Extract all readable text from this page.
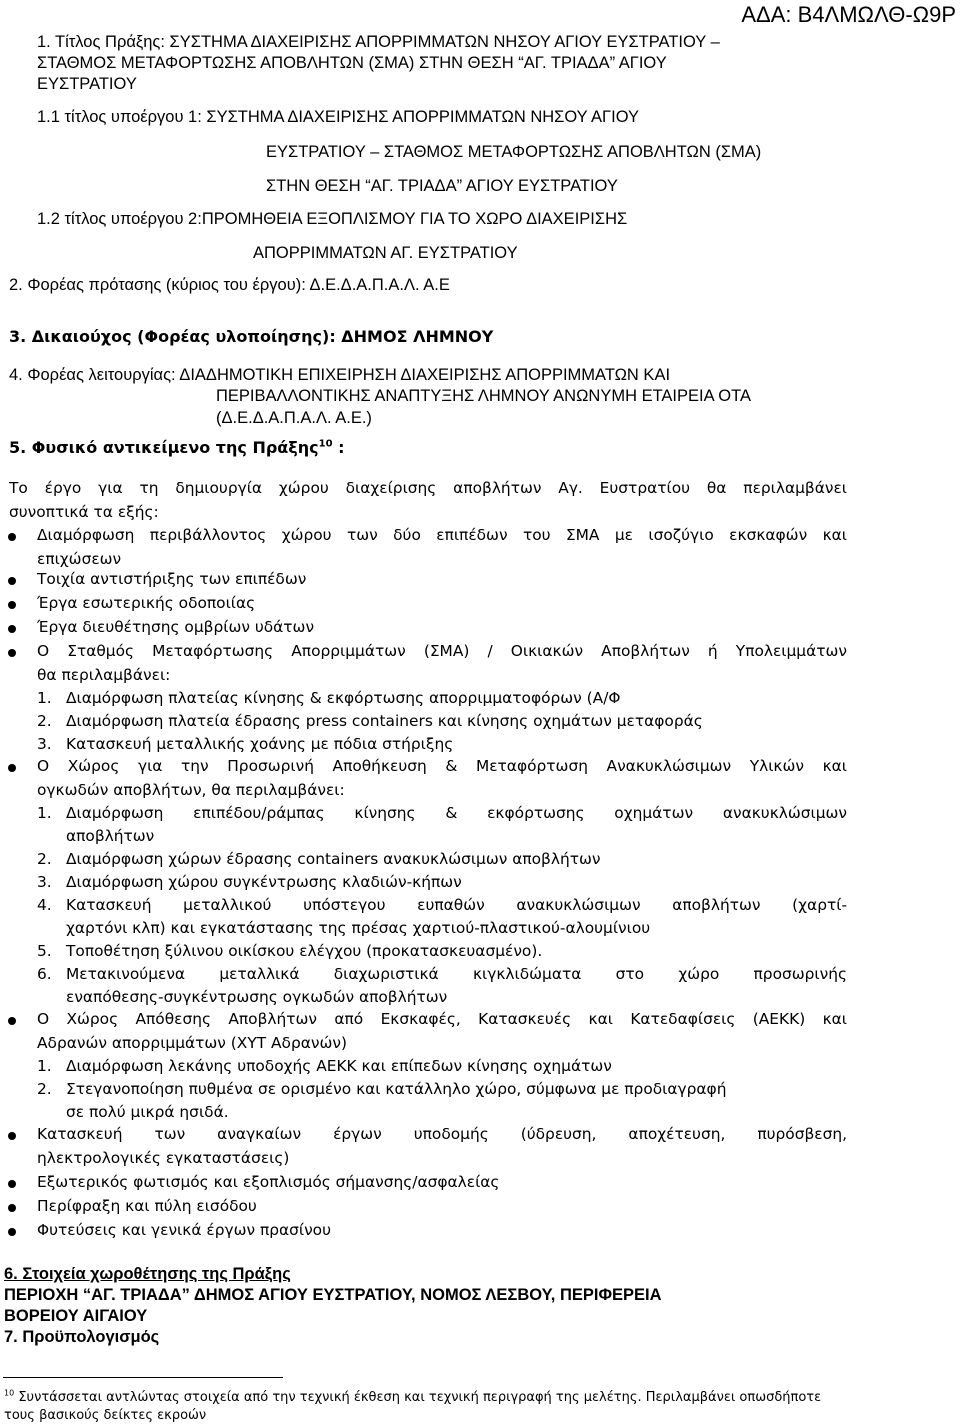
ΑΔΑ: Β4ΛΜΩΛΘ-Ω9Ρ
1. Τίτλος Πράξης: ΣΥΣΤΗΜΑ ΔΙΑΧΕΙΡΙΣΗΣ ΑΠΟΡΡΙΜΜΑΤΩΝ ΝΗΣΟΥ ΑΓΙΟΥ ΕΥΣΤΡΑΤΙΟΥ –
ΣΤΑΘΜΟΣ ΜΕΤΑΦΟΡΤΩΣΗΣ ΑΠΟΒΛΗΤΩΝ (ΣΜΑ) ΣΤΗΝ ΘΕΣΗ “ΑΓ. ΤΡΙΑΔΑ” ΑΓΙΟΥ
ΕΥΣΤΡΑΤΙΟΥ
1.1 τίτλος υποέργου 1: ΣΥΣΤΗΜΑ ΔΙΑΧΕΙΡΙΣΗΣ ΑΠΟΡΡΙΜΜΑΤΩΝ ΝΗΣΟΥ ΑΓΙΟΥ
ΕΥΣΤΡΑΤΙΟΥ – ΣΤΑΘΜΟΣ ΜΕΤΑΦΟΡΤΩΣΗΣ ΑΠΟΒΛΗΤΩΝ (ΣΜΑ)
ΣΤΗΝ ΘΕΣΗ “ΑΓ. ΤΡΙΑΔΑ” ΑΓΙΟΥ ΕΥΣΤΡΑΤΙΟΥ
1.2 τίτλος υποέργου 2:ΠΡΟΜΗΘΕΙΑ ΕΞΟΠΛΙΣΜΟΥ ΓΙΑ ΤΟ ΧΩΡΟ ΔΙΑΧΕΙΡΙΣΗΣ
ΑΠΟΡΡΙΜΜΑΤΩΝ ΑΓ. ΕΥΣΤΡΑΤΙΟΥ
2. Φορέας πρότασης (κύριος του έργου): Δ.Ε.Δ.Α.Π.Α.Λ. Α.Ε
3. Δικαιούχος (Φορέας υλοποίησης): ΔΗΜΟΣ ΛΗΜΝΟΥ
4. Φορέας λειτουργίας: ΔΙΑΔΗΜΟΤΙΚΗ ΕΠΙΧΕΙΡΗΣΗ ΔΙΑΧΕΙΡΙΣΗΣ ΑΠΟΡΡΙΜΜΑΤΩΝ ΚΑΙ
ΠΕΡΙΒΑΛΛΟΝΤΙΚΗΣ ΑΝΑΠΤΥΞΗΣ ΛΗΜΝΟΥ ΑΝΩΝΥΜΗ ΕΤΑΙΡΕΙΑ ΟΤΑ
(Δ.Ε.Δ.Α.Π.Α.Λ. Α.Ε.)
5. Φυσικό αντικείμενο της Πράξης$^{10}$ :
Το έργο για τη δημιουργία χώρου διαχείρισης αποβλήτων Αγ. Ευστρατίου θα περιλαμβάνει
συνοπτικά τα εξής:
Διαμόρφωση περιβάλλοντος χώρου των δύο επιπέδων του ΣΜΑ με ισοζύγιο εκσκαφών και
επιχώσεων
Τοιχία αντιστήριξης των επιπέδων
Έργα εσωτερικής οδοποιίας
Έργα διευθέτησης ομβρίων υδάτων
Ο Σταθμός Μεταφόρτωσης Απορριμμάτων (ΣΜΑ) / Οικιακών Αποβλήτων ή Υπολειμμάτων
θα περιλαμβάνει:
1. Διαμόρφωση πλατείας κίνησης & εκφόρτωσης απορριμματοφόρων (Α/Φ
2. Διαμόρφωση πλατεία έδρασης press containers και κίνησης οχημάτων μεταφοράς
3. Κατασκευή μεταλλικής χοάνης με πόδια στήριξης
Ο Χώρος για την Προσωρινή Αποθήκευση & Μεταφόρτωση Ανακυκλώσιμων Υλικών και
ογκωδών αποβλήτων, θα περιλαμβάνει:
1. Διαμόρφωση επιπέδου/ράμπας κίνησης & εκφόρτωσης οχημάτων ανακυκλώσιμων
αποβλήτων
2. Διαμόρφωση χώρων έδρασης containers ανακυκλώσιμων αποβλήτων
3. Διαμόρφωση χώρου συγκέντρωσης κλαδιών-κήπων
4. Κατασκευή μεταλλικού υπόστεγου ευπαθών ανακυκλώσιμων αποβλήτων (χαρτί-
χαρτόνι κλπ) και εγκατάστασης της πρέσας χαρτιού-πλαστικού-αλουμίνιου
5. Τοποθέτηση ξύλινου οικίσκου ελέγχου (προκατασκευασμένο).
6. Μετακινούμενα μεταλλικά διαχωριστικά κιγκλιδώματα στο χώρο προσωρινής
εναπόθεσης-συγκέντρωσης ογκωδών αποβλήτων
Ο Χώρος Απόθεσης Αποβλήτων από Εκσκαφές, Κατασκευές και Κατεδαφίσεις (ΑΕΚΚ) και
Αδρανών απορριμμάτων (ΧΥΤ Αδρανών)
1. Διαμόρφωση λεκάνης υποδοχής ΑΕΚΚ και επίπεδων κίνησης οχημάτων
2. Στεγανοποίηση πυθμένα σε ορισμένο και κατάλληλο χώρο, σύμφωνα με προδιαγραφή
σε πολύ μικρά ησιδά.
Κατασκευή των αναγκαίων έργων υποδομής (ύδρευση, αποχέτευση, πυρόσβεση,
ηλεκτρολογικές εγκαταστάσεις)
Εξωτερικός φωτισμός και εξοπλισμός σήμανσης/ασφαλείας
Περίφραξη και πύλη εισόδου
Φυτεύσεις και γενικά έργων πρασίνου
6. Στοιχεία χωροθέτησης της Πράξης
ΠΕΡΙΟΧΗ “ΑΓ. ΤΡΙΑΔΑ” ΔΗΜΟΣ ΑΓΙΟΥ ΕΥΣΤΡΑΤΙΟΥ, ΝΟΜΟΣ ΛΕΣΒΟΥ, ΠΕΡΙΦΕΡΕΙΑ
ΒΟΡΕΙΟΥ ΑΙΓΑΙΟΥ
7. Προϋπολογισμός
$^{10}$ Συντάσσεται αντλώντας στοιχεία από την τεχνική έκθεση και τεχνική περιγραφή της μελέτης. Περιλαμβάνει οπωσδήποτε
τους βασικούς δείκτες εκροών
